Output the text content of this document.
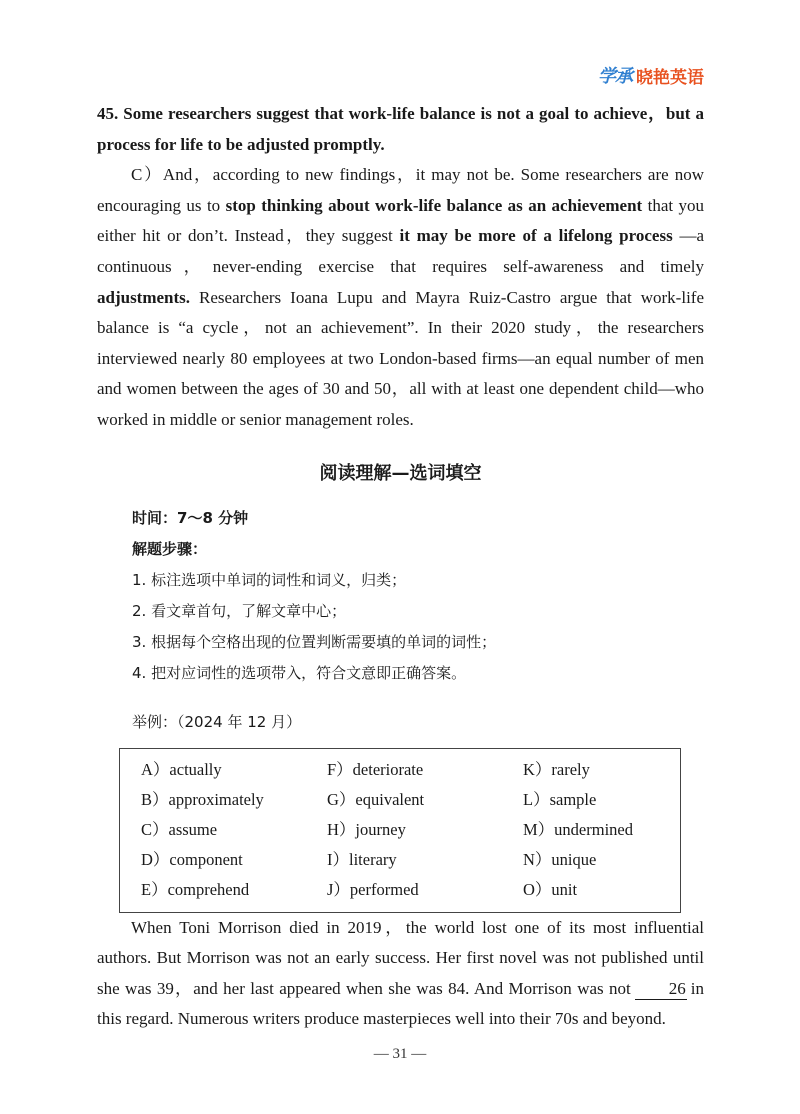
学承 晓艳英语

45. Some researchers suggest that work-life balance is not a goal to achieve，but a process for life to be adjusted promptly.

C）And，according to new findings，it may not be. Some researchers are now encouraging us to stop thinking about work-life balance as an achievement that you either hit or don’t. Instead，they suggest it may be more of a lifelong process —a continuous，never-ending exercise that requires self-awareness and timely adjustments. Researchers Ioana Lupu and Mayra Ruiz-Castro argue that work-life balance is “a cycle，not an achievement”. In their 2020 study，the researchers interviewed nearly 80 employees at two London-based firms—an equal number of men and women between the ages of 30 and 50，all with at least one dependent child—who worked in middle or senior management roles.

阅读理解—选词填空

时间：7～8 分钟

解题步骤：

1. 标注选项中单词的词性和词义，归类；

2. 看文章首句，了解文章中心；

3. 根据每个空格出现的位置判断需要填的单词的词性；

4. 把对应词性的选项带入，符合文意即正确答案。

举例：（2024 年 12 月）

A）actually	F）deteriorate	K）rarely
B）approximately	G）equivalent	L）sample
C）assume	H）journey	M）undermined
D）component	I）literary	N）unique
E）comprehend	J）performed	O）unit

When Toni Morrison died in 2019，the world lost one of its most influential authors. But Morrison was not an early success. Her first novel was not published until she was 39，and her last appeared when she was 84. And Morrison was not 26 in this regard. Numerous writers produce masterpieces well into their 70s and beyond.

— 31 —
